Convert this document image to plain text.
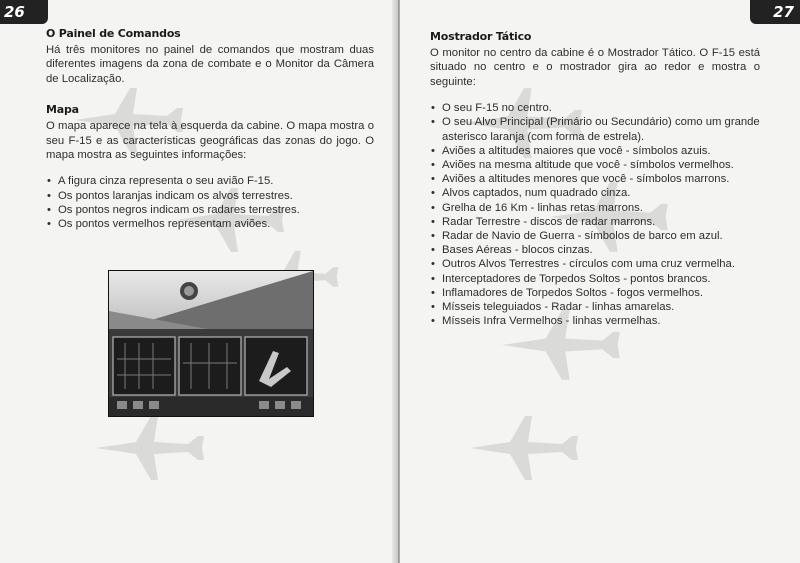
26
O Painel de Comandos

Há três monitores no painel de comandos que mostram duas diferentes imagens da zona de combate e o Monitor da Câmera de Localização.

Mapa

O mapa aparece na tela à esquerda da cabine. O mapa mostra o seu F-15 e as características geográficas das zonas do jogo. O mapa mostra as seguintes informações:

• A figura cinza representa o seu avião F-15.
• Os pontos laranjas indicam os alvos terrestres.
• Os pontos negros indicam os radares terrestres.
• Os pontos vermelhos representam aviões.
27
Mostrador Tático

O monitor no centro da cabine é o Mostrador Tático. O F-15 está situado no centro e o mostrador gira ao redor e mostra o seguinte:

• O seu F-15 no centro.
• O seu Alvo Principal (Primário ou Secundário) como um grande asterisco laranja (com forma de estrela).
• Aviões a altitudes maiores que você - símbolos azuis.
• Aviões na mesma altitude que você - símbolos vermelhos.
• Aviões a altitudes menores que você - símbolos marrons.
• Alvos captados, num quadrado cinza.
• Grelha de 16 Km - linhas retas marrons.
• Radar Terrestre - discos de radar marrons.
• Radar de Navio de Guerra - símbolos de barco em azul.
• Bases Aéreas - blocos cinzas.
• Outros Alvos Terrestres - círculos com uma cruz vermelha.
• Interceptadores de Torpedos Soltos - pontos brancos.
• Inflamadores de Torpedos Soltos - fogos vermelhos.
• Mísseis teleguiados - Radar - linhas amarelas.
• Mísseis Infra Vermelhos - linhas vermelhas.
